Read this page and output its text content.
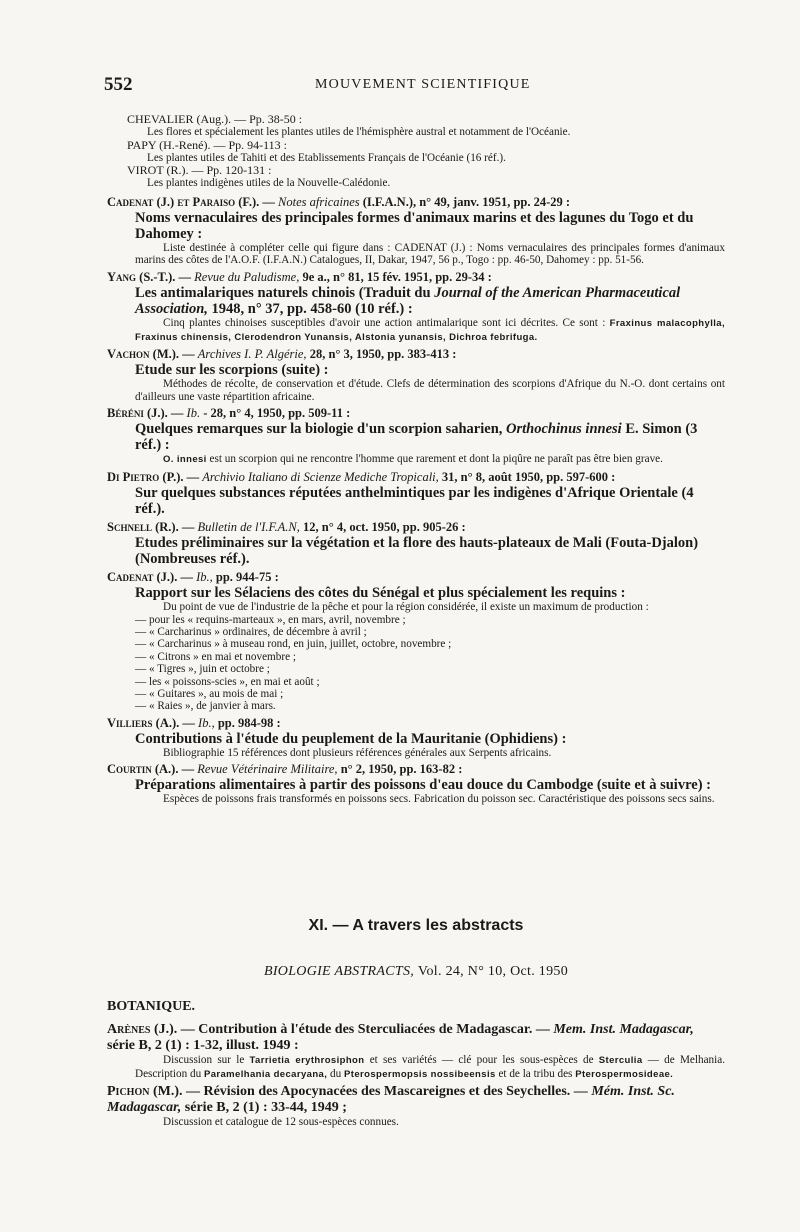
552	MOUVEMENT SCIENTIFIQUE

CHEVALIER (Aug.). — Pp. 38-50 :

Les flores et spécialement les plantes utiles de l'hémisphère austral et notamment de l'Océanie.

PAPY (H.-René). — Pp. 94-113 :

Les plantes utiles de Tahiti et des Etablissements Français de l'Océanie (16 réf.).

VIROT (R.). — Pp. 120-131 :

Les plantes indigènes utiles de la Nouvelle-Calédonie.

Cadenat (J.) et Paraiso (F.). — Notes africaines (I.F.A.N.), n° 49, janv. 1951, pp. 24-29 :

Noms vernaculaires des principales formes d'animaux marins et des lagunes du Togo et du Dahomey :

Liste destinée à compléter celle qui figure dans : CADENAT (J.) : Noms vernaculaires des principales formes d'animaux marins des côtes de l'A.O.F. (I.F.A.N.) Catalogues, II, Dakar, 1947, 56 p., Togo : pp. 46-50, Dahomey : pp. 51-56.

Yang (S.-T.). — Revue du Paludisme, 9e a., n° 81, 15 fév. 1951, pp. 29-34 :

Les antimalariques naturels chinois (Traduit du Journal of the American Pharmaceutical Association, 1948, n° 37, pp. 458-60 (10 réf.) :

Cinq plantes chinoises susceptibles d'avoir une action antimalarique sont ici décrites. Ce sont : Fraxinus malacophylla, Fraxinus chinensis, Clerodendron Yunansis, Alstonia yunansis, Dichroa febrifuga.

Vachon (M.). — Archives I. P. Algérie, 28, n° 3, 1950, pp. 383-413 :

Etude sur les scorpions (suite) :

Méthodes de récolte, de conservation et d'étude. Clefs de détermination des scorpions d'Afrique du N.-O. dont certains ont d'ailleurs une vaste répartition africaine.

Béréni (J.). — Ib. - 28, n° 4, 1950, pp. 509-11 :

Quelques remarques sur la biologie d'un scorpion saharien, Orthochinus innesi E. Simon (3 réf.) :

O. innesi est un scorpion qui ne rencontre l'homme que rarement et dont la piqûre ne paraît pas être bien grave.

Di Pietro (P.). — Archivio Italiano di Scienze Mediche Tropicali, 31, n° 8, août 1950, pp. 597-600 :

Sur quelques substances réputées anthelmintiques par les indigènes d'Afrique Orientale (4 réf.).

Schnell (R.). — Bulletin de l'I.F.A.N, 12, n° 4, oct. 1950, pp. 905-26 :

Etudes préliminaires sur la végétation et la flore des hauts-plateaux de Mali (Fouta-Djalon) (Nombreuses réf.).

Cadenat (J.). — Ib., pp. 944-75 :

Rapport sur les Sélaciens des côtes du Sénégal et plus spécialement les requins :

Du point de vue de l'industrie de la pêche et pour la région considérée, il existe un maximum de production :

— pour les « requins-marteaux », en mars, avril, novembre ;
— « Carcharinus » ordinaires, de décembre à avril ;
— « Carcharinus » à museau rond, en juin, juillet, octobre, novembre ;
— « Citrons » en mai et novembre ;
— « Tigres », juin et octobre ;
— les « poissons-scies », en mai et août ;
— « Guitares », au mois de mai ;
— « Raies », de janvier à mars.

Villiers (A.). — Ib., pp. 984-98 :

Contributions à l'étude du peuplement de la Mauritanie (Ophidiens) :

Bibliographie 15 références dont plusieurs références générales aux Serpents africains.

Courtin (A.). — Revue Vétérinaire Militaire, n° 2, 1950, pp. 163-82 :

Préparations alimentaires à partir des poissons d'eau douce du Cambodge (suite et à suivre) :

Espèces de poissons frais transformés en poissons secs. Fabrication du poisson sec. Caractéristique des poissons secs sains.

XI. — A travers les abstracts
BIOLOGIE ABSTRACTS, Vol. 24, N° 10, Oct. 1950
BOTANIQUE.

Arènes (J.). — Contribution à l'étude des Sterculiacées de Madagascar. — Mem. Inst. Madagascar, série B, 2 (1) : 1-32, illust. 1949 :

Discussion sur le Tarrietia erythrosiphon et ses variétés — clé pour les sous-espèces de Sterculia — de Melhania. Description du Paramelhania decaryana, du Pterospermopsis nossibeensis et de la tribu des Pterospermosideae.

Pichon (M.). — Révision des Apocynacées des Mascareignes et des Seychelles. — Mém. Inst. Sc. Madagascar, série B, 2 (1) : 33-44, 1949 ;

Discussion et catalogue de 12 sous-espèces connues.
